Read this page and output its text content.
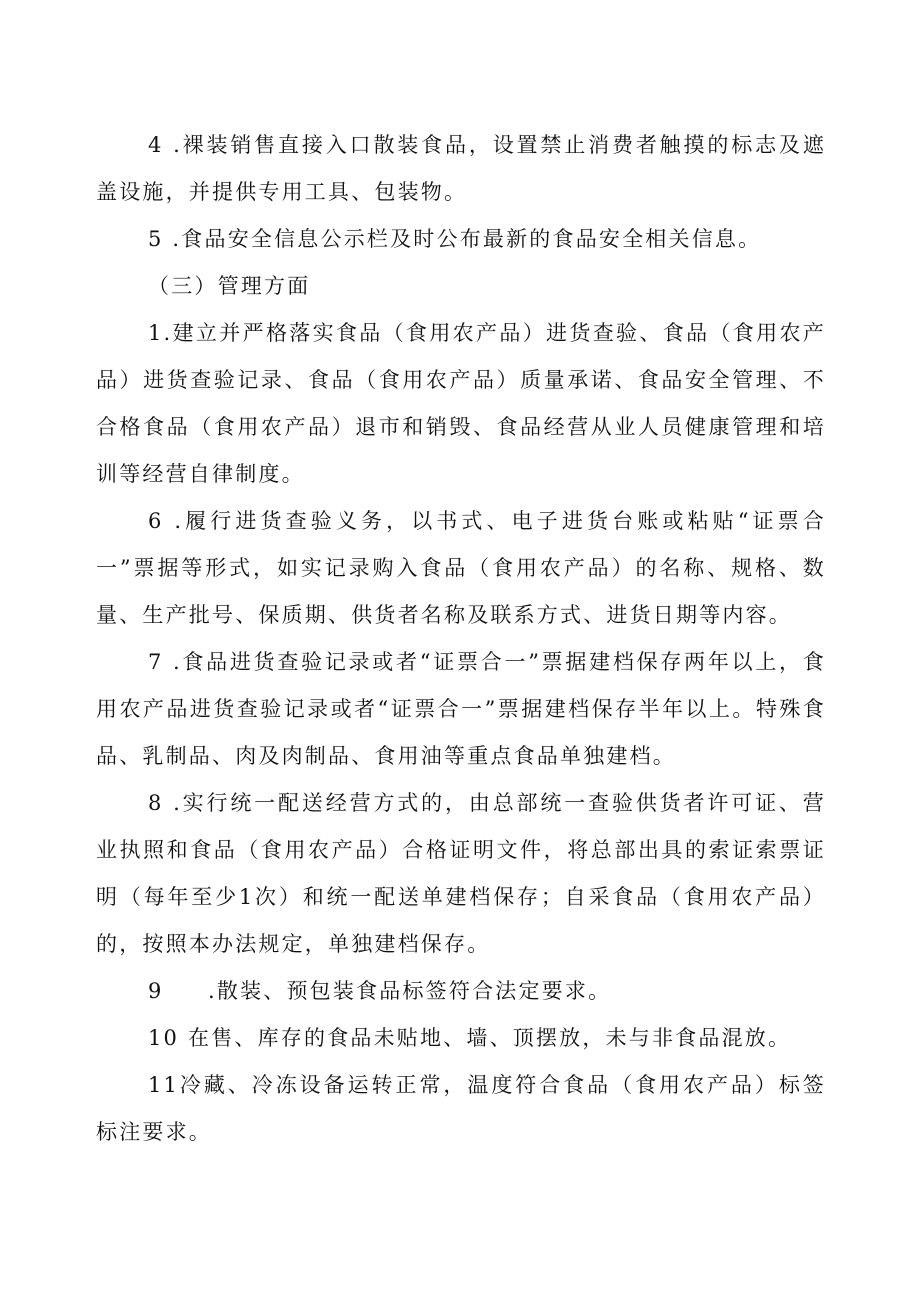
4 .裸装销售直接入口散装食品，设置禁止消费者触摸的标志及遮盖设施，并提供专用工具、包装物。

5 .食品安全信息公示栏及时公布最新的食品安全相关信息。

（三）管理方面

1.建立并严格落实食品（食用农产品）进货查验、食品（食用农产品）进货查验记录、食品（食用农产品）质量承诺、食品安全管理、不合格食品（食用农产品）退市和销毁、食品经营从业人员健康管理和培训等经营自律制度。

6 .履行进货查验义务，以书式、电子进货台账或粘贴“证票合一”票据等形式，如实记录购入食品（食用农产品）的名称、规格、数量、生产批号、保质期、供货者名称及联系方式、进货日期等内容。

7 .食品进货查验记录或者“证票合一”票据建档保存两年以上，食用农产品进货查验记录或者“证票合一”票据建档保存半年以上。特殊食品、乳制品、肉及肉制品、食用油等重点食品单独建档。

8 .实行统一配送经营方式的，由总部统一查验供货者许可证、营业执照和食品（食用农产品）合格证明文件，将总部出具的索证索票证明（每年至少1次）和统一配送单建档保存；自采食品（食用农产品）的，按照本办法规定，单独建档保存。

9 .散装、预包装食品标签符合法定要求。

10 在售、库存的食品未贴地、墙、顶摆放，未与非食品混放。

11冷藏、冷冻设备运转正常，温度符合食品（食用农产品）标签标注要求。
